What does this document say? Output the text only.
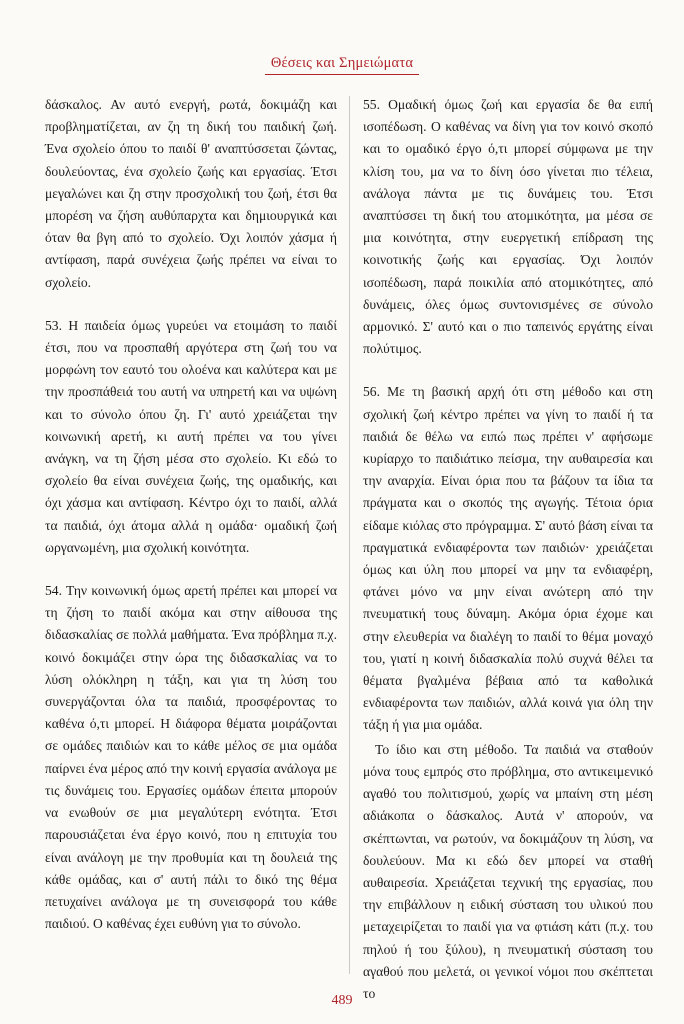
Θέσεις και Σημειώματα

δάσκαλος. Αν αυτό ενεργή, ρωτά, δοκιμάζη και προβληματίζεται, αν ζη τη δική του παιδική ζωή. Ένα σχολείο όπου το παιδί θ' αναπτύσσεται ζώντας, δουλεύοντας, ένα σχολείο ζωής και εργασίας. Έτσι μεγαλώνει και ζη στην προσχολική του ζωή, έτσι θα μπορέση να ζήση αυθύπαρχτα και δημιουργικά και όταν θα βγη από το σχολείο. Όχι λοιπόν χάσμα ή αντίφαση, παρά συνέχεια ζωής πρέπει να είναι το σχολείο.

53. Η παιδεία όμως γυρεύει να ετοιμάση το παιδί έτσι, που να προσπαθή αργότερα στη ζωή του να μορφώνη τον εαυτό του ολοένα και καλύτερα και με την προσπάθειά του αυτή να υπηρετή και να υψώνη και το σύνολο όπου ζη. Γι' αυτό χρειάζεται την κοινωνική αρετή, κι αυτή πρέπει να του γίνει ανάγκη, να τη ζήση μέσα στο σχολείο. Κι εδώ το σχολείο θα είναι συνέχεια ζωής, της ομαδικής, και όχι χάσμα και αντίφαση. Κέντρο όχι το παιδί, αλλά τα παιδιά, όχι άτομα αλλά η ομάδα· ομαδική ζωή ωργανωμένη, μια σχολική κοινότητα.

54. Την κοινωνική όμως αρετή πρέπει και μπορεί να τη ζήση το παιδί ακόμα και στην αίθουσα της διδασκαλίας σε πολλά μαθήματα. Ένα πρόβλημα π.χ. κοινό δοκιμάζει στην ώρα της διδασκαλίας να το λύση ολόκληρη η τάξη, και για τη λύση του συνεργάζονται όλα τα παιδιά, προσφέροντας το καθένα ό,τι μπορεί. Η διάφορα θέματα μοιράζονται σε ομάδες παιδιών και το κάθε μέλος σε μια ομάδα παίρνει ένα μέρος από την κοινή εργασία ανάλογα με τις δυνάμεις του. Εργασίες ομάδων έπειτα μπορούν να ενωθούν σε μια μεγαλύτερη ενότητα. Έτσι παρουσιάζεται ένα έργο κοινό, που η επιτυχία του είναι ανάλογη με την προθυμία και τη δουλειά της κάθε ομάδας, και σ' αυτή πάλι το δικό της θέμα πετυχαίνει ανάλογα με τη συνεισφορά του κάθε παιδιού. Ο καθένας έχει ευθύνη για το σύνολο.

55. Ομαδική όμως ζωή και εργασία δε θα ειπή ισοπέδωση. Ο καθένας να δίνη για τον κοινό σκοπό και το ομαδικό έργο ό,τι μπορεί σύμφωνα με την κλίση του, μα να το δίνη όσο γίνεται πιο τέλεια, ανάλογα πάντα με τις δυνάμεις του. Έτσι αναπτύσσει τη δική του ατομικότητα, μα μέσα σε μια κοινότητα, στην ευεργετική επίδραση της κοινοτικής ζωής και εργασίας. Όχι λοιπόν ισοπέδωση, παρά ποικιλία από ατομικότητες, από δυνάμεις, όλες όμως συντονισμένες σε σύνολο αρμονικό. Σ' αυτό και ο πιο ταπεινός εργάτης είναι πολύτιμος.

56. Με τη βασική αρχή ότι στη μέθοδο και στη σχολική ζωή κέντρο πρέπει να γίνη το παιδί ή τα παιδιά δε θέλω να ειπώ πως πρέπει ν' αφήσωμε κυρίαρχο το παιδιάτικο πείσμα, την αυθαιρεσία και την αναρχία. Είναι όρια που τα βάζουν τα ίδια τα πράγματα και ο σκοπός της αγωγής. Τέτοια όρια είδαμε κιόλας στο πρόγραμμα. Σ' αυτό βάση είναι τα πραγματικά ενδιαφέροντα των παιδιών· χρειάζεται όμως και ύλη που μπορεί να μην τα ενδιαφέρη, φτάνει μόνο να μην είναι ανώτερη από την πνευματική τους δύναμη. Ακόμα όρια έχομε και στην ελευθερία να διαλέγη το παιδί το θέμα μοναχό του, γιατί η κοινή διδασκαλία πολύ συχνά θέλει τα θέματα βγαλμένα βέβαια από τα καθολικά ενδιαφέροντα των παιδιών, αλλά κοινά για όλη την τάξη ή για μια ομάδα.

Το ίδιο και στη μέθοδο. Τα παιδιά να σταθούν μόνα τους εμπρός στο πρόβλημα, στο αντικειμενικό αγαθό του πολιτισμού, χωρίς να μπαίνη στη μέση αδιάκοπα ο δάσκαλος. Αυτά ν' απορούν, να σκέπτωνται, να ρωτούν, να δοκιμάζουν τη λύση, να δουλεύουν. Μα κι εδώ δεν μπορεί να σταθή αυθαιρεσία. Χρειάζεται τεχνική της εργασίας, που την επιβάλλουν η ειδική σύσταση του υλικού που μεταχειρίζεται το παιδί για να φτιάση κάτι (π.χ. του πηλού ή του ξύλου), η πνευματική σύσταση του αγαθού που μελετά, οι γενικοί νόμοι που σκέπτεται το

489
